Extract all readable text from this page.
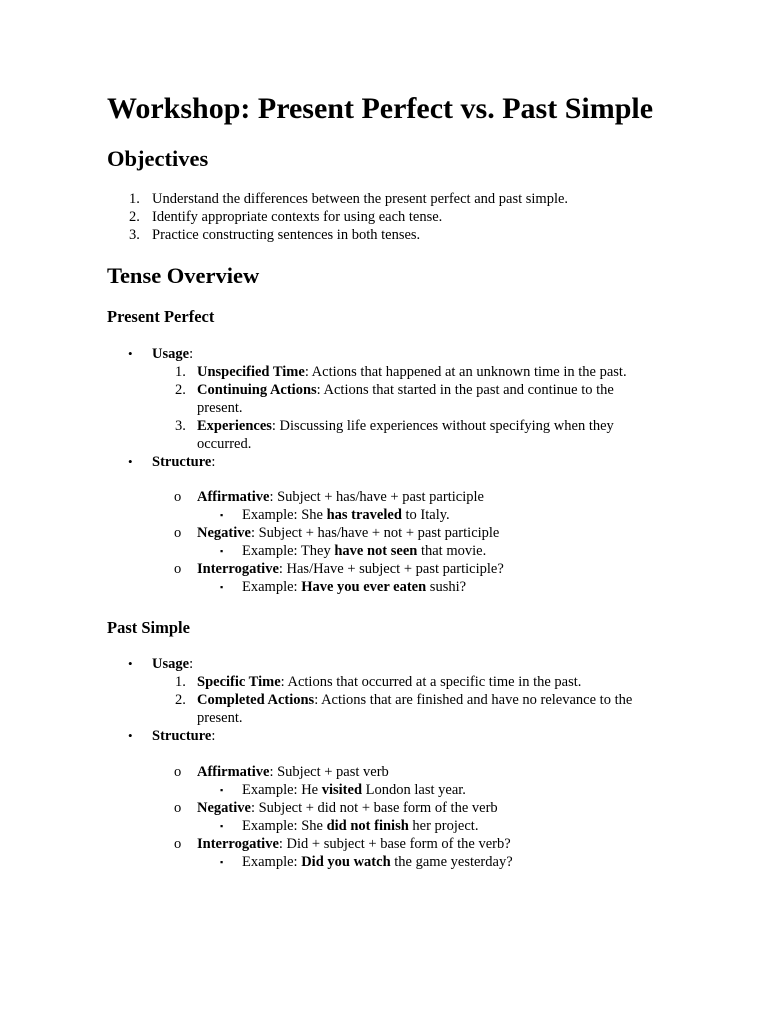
Workshop: Present Perfect vs. Past Simple
Objectives
1. Understand the differences between the present perfect and past simple.
2. Identify appropriate contexts for using each tense.
3. Practice constructing sentences in both tenses.
Tense Overview
Present Perfect
• Usage:
1. Unspecified Time: Actions that happened at an unknown time in the past.
2. Continuing Actions: Actions that started in the past and continue to the present.
3. Experiences: Discussing life experiences without specifying when they occurred.
• Structure:
o Affirmative: Subject + has/have + past participle
▪ Example: She has traveled to Italy.
o Negative: Subject + has/have + not + past participle
▪ Example: They have not seen that movie.
o Interrogative: Has/Have + subject + past participle?
▪ Example: Have you ever eaten sushi?
Past Simple
• Usage:
1. Specific Time: Actions that occurred at a specific time in the past.
2. Completed Actions: Actions that are finished and have no relevance to the present.
• Structure:
o Affirmative: Subject + past verb
▪ Example: He visited London last year.
o Negative: Subject + did not + base form of the verb
▪ Example: She did not finish her project.
o Interrogative: Did + subject + base form of the verb?
▪ Example: Did you watch the game yesterday?
